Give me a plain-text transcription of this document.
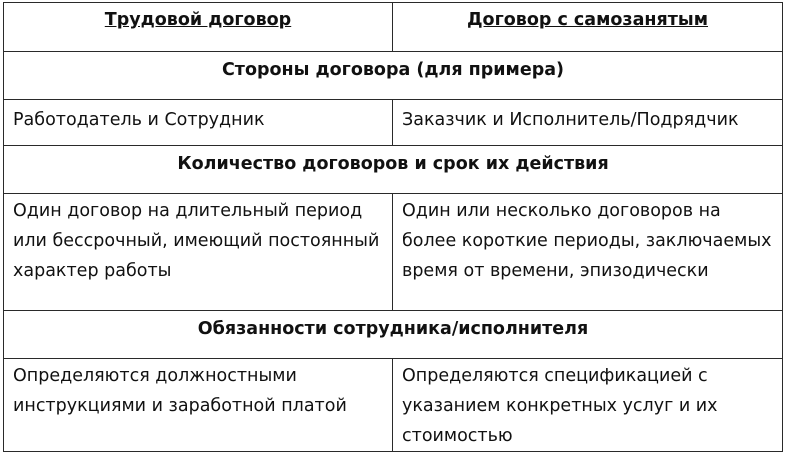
Трудовой договор	Договор с самозанятым
Стороны договора (для примера)	

Работодатель и Сотрудник	Заказчик и Исполнитель/Подрядчик

Количество договоров и срок их действия	

Один договор на длительный период или бессрочный, имеющий постоянный характер работы	Один или несколько договоров на более короткие периоды, заключаемых время от времени, эпизодически

Обязанности сотрудника/исполнителя	

Определяются должностными инструкциями и заработной платой	Определяются спецификацией с указанием конкретных услуг и их стоимостью
